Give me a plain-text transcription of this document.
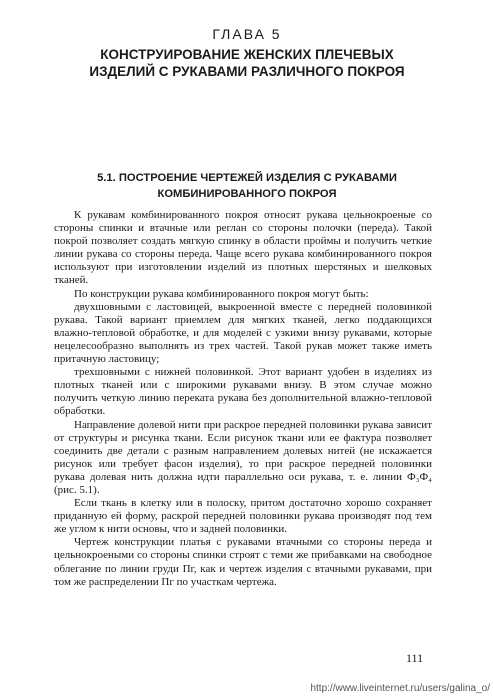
ГЛАВА 5
КОНСТРУИРОВАНИЕ ЖЕНСКИХ ПЛЕЧЕВЫХ
ИЗДЕЛИЙ С РУКАВАМИ РАЗЛИЧНОГО ПОКРОЯ
5.1. ПОСТРОЕНИЕ ЧЕРТЕЖЕЙ ИЗДЕЛИЯ С РУКАВАМИ
КОМБИНИРОВАННОГО ПОКРОЯ

К рукавам комбинированного покроя относят рукава цельнокроеные со стороны спинки и втачные или реглан со стороны полочки (переда). Такой покрой позволяет создать мягкую спинку в области проймы и получить четкие линии рукава со стороны переда. Чаще всего рукава комбинированного покроя используют при изготовлении изделий из плотных шерстяных и шелковых тканей.

По конструкции рукава комбинированного покроя могут быть:

двухшовными с ластовицей, выкроенной вместе с передней половинкой рукава. Такой вариант приемлем для мягких тканей, легко поддающихся влажно-тепловой обработке, и для моделей с узкими внизу рукавами, которые нецелесообразно выполнять из трех частей. Такой рукав может также иметь притачную ластовицу;

трехшовными с нижней половинкой. Этот вариант удобен в изделиях из плотных тканей или с широкими рукавами внизу. В этом случае можно получить четкую линию переката рукава без дополнительной влажно-тепловой обработки.

Направление долевой нити при раскрое передней половинки рукава зависит от структуры и рисунка ткани. Если рисунок ткани или ее фактура позволяет соединить две детали с разным направлением долевых нитей (не искажается рисунок или требует фасон изделия), то при раскрое передней половинки рукава долевая нить должна идти параллельно оси рукава, т. е. линии Ф₃Ф₄ (рис. 5.1).

Если ткань в клетку или в полоску, притом достаточно хорошо сохраняет приданную ей форму, раскрой передней половинки рукава производят под тем же углом к нити основы, что и задней половинки.

Чертеж конструкции платья с рукавами втачными со стороны переда и цельнокроеными со стороны спинки строят с теми же прибавками на свободное облегание по линии груди Пг, как и чертеж изделия с втачными рукавами, при том же распределении Пг по участкам чертежа.

111
http://www.liveinternet.ru/users/galina_o/
